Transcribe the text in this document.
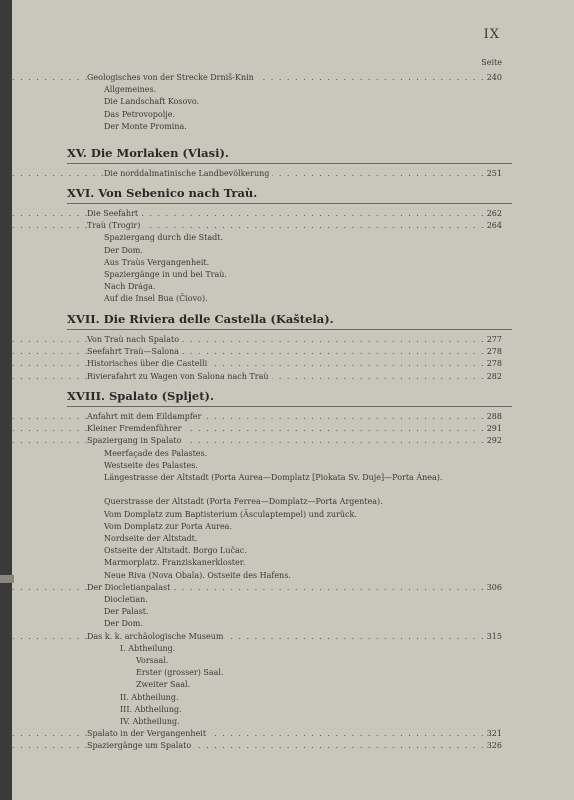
IX
Seite
Geologisches von der Strecke Drniš-Knin	240
. . .
Allgemeines.
Die Landschaft Kosovo.
Das Petrovopolje.
Der Monte Promina.
XV. Die Morlaken (Vlasi).
Die norddalmatinische Landbevölkerung	251
. . .
XVI. Von Sebenico nach Traù.
Die Seefahrt	262
. . .
Traù (Trogir)	264
. . .
Spaziergang durch die Stadt.
Der Dom.
Aus Traùs Vergangenheit.
Spaziergänge in und bei Traù.
Nach Drága.
Auf die Insel Bua (Čiovo).
XVII. Die Riviera delle Castella (Kaštela).
Von Traù nach Spalato	277
. . .
Seefahrt Traù—Salona	278
. . .
Historisches über die Castelli	278
. . .
Rivierafahrt zu Wagen von Salona nach Traù	282
. . .
XVIII. Spalato (Spljet).
Anfahrt mit dem Eildampfer	288
. . .
Kleiner Fremdenführer	291
. . .
Spaziergang in Spalato	292
. . .
Meerfaçade des Palastes.
Westseite des Palastes.
Längestrasse der Altstadt (Porta Aurea—Domplatz [Piokata Sv. Duje]—Porta Ánea).
Querstrasse der Altstadt (Porta Ferrea—Domplatz—Porta Argentea).
Vom Domplatz zum Baptisterium (Äsculaptempel) und zurück.
Vom Domplatz zur Porta Aurea.
Nordseite der Altstadt.
Ostseite der Altstadt. Borgo Lučac.
Marmorplatz. Franziskanerkloster.
Neue Riva (Nova Obala). Ostseite des Hafens.
Der Diocletianpalast	306
. . .
Diocletian.
Der Palast.
Der Dom.
Das k. k. archäologische Museum	315
. . .
I. Abtheilung.
Vorsaal.
Erster (grosser) Saal.
Zweiter Saal.
II. Abtheilung.
III. Abtheilung.
IV. Abtheilung.
Spalato in der Vergangenheit	321
. . .
Spaziergänge um Spalato	326
. . .
